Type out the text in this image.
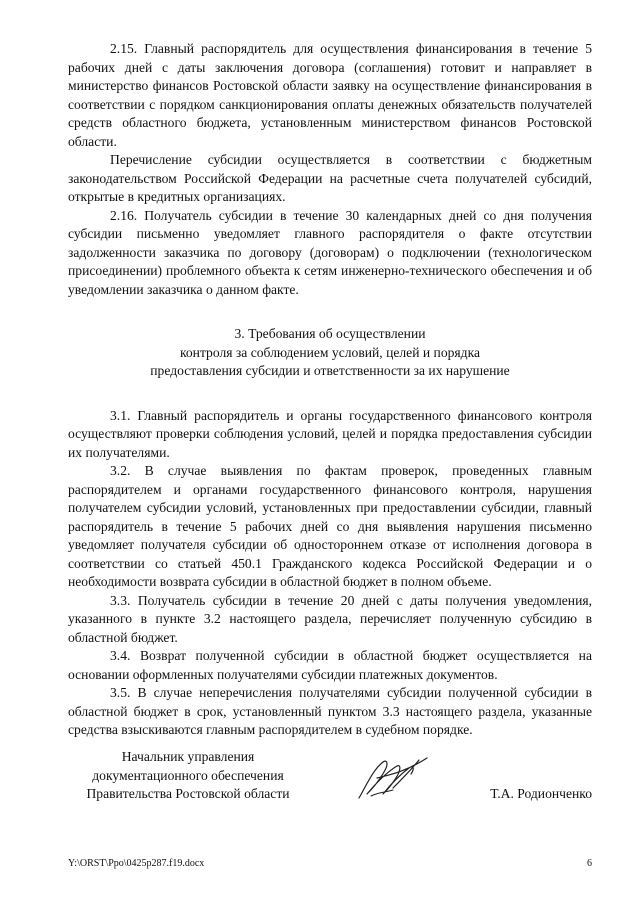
2.15. Главный распорядитель для осуществления финансирования в течение 5 рабочих дней с даты заключения договора (соглашения) готовит и направляет в министерство финансов Ростовской области заявку на осуществление финансирования в соответствии с порядком санкционирования оплаты денежных обязательств получателей средств областного бюджета, установленным министерством финансов Ростовской области.

Перечисление субсидии осуществляется в соответствии с бюджетным законодательством Российской Федерации на расчетные счета получателей субсидий, открытые в кредитных организациях.

2.16. Получатель субсидии в течение 30 календарных дней со дня получения субсидии письменно уведомляет главного распорядителя о факте отсутствии задолженности заказчика по договору (договорам) о подключении (технологическом присоединении) проблемного объекта к сетям инженерно-технического обеспечения и об уведомлении заказчика о данном факте.

3. Требования об осуществлении
контроля за соблюдением условий, целей и порядка
предоставления субсидии и ответственности за их нарушение

3.1. Главный распорядитель и органы государственного финансового контроля осуществляют проверки соблюдения условий, целей и порядка предоставления субсидии их получателями.

3.2. В случае выявления по фактам проверок, проведенных главным распорядителем и органами государственного финансового контроля, нарушения получателем субсидии условий, установленных при предоставлении субсидии, главный распорядитель в течение 5 рабочих дней со дня выявления нарушения письменно уведомляет получателя субсидии об одностороннем отказе от исполнения договора в соответствии со статьей 450.1 Гражданского кодекса Российской Федерации и о необходимости возврата субсидии в областной бюджет в полном объеме.

3.3. Получатель субсидии в течение 20 дней с даты получения уведомления, указанного в пункте 3.2 настоящего раздела, перечисляет полученную субсидию в областной бюджет.

3.4. Возврат полученной субсидии в областной бюджет осуществляется на основании оформленных получателями субсидии платежных документов.

3.5. В случае неперечисления получателями субсидии полученной субсидии в областной бюджет в срок, установленный пунктом 3.3 настоящего раздела, указанные средства взыскиваются главным распорядителем в судебном порядке.

Начальник управления
документационного обеспечения
Правительства Ростовской области	Т.А. Родионченко
Y:\ORST\Ppo\0425p287.f19.docx	6
